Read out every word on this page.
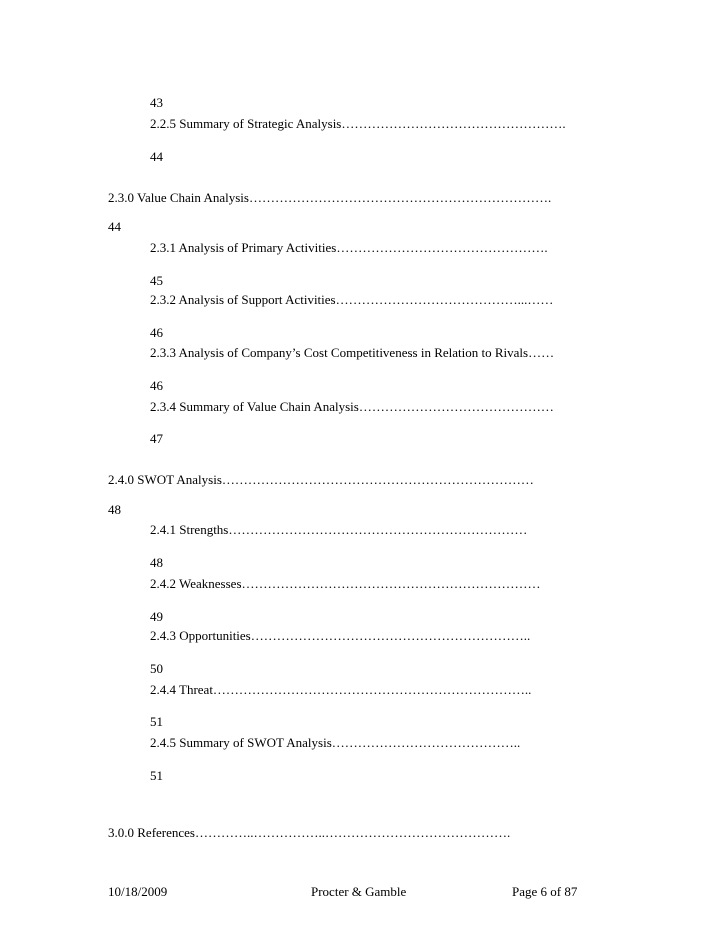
43
2.2.5 Summary of Strategic Analysis…………………………………………….
44
2.3.0 Value Chain Analysis…………………………………………………………….
44
2.3.1 Analysis of Primary Activities………………………………………….
45
2.3.2 Analysis of Support Activities……………………………………...……
46
2.3.3 Analysis of Company’s Cost Competitiveness in Relation to Rivals……
46
2.3.4 Summary of Value Chain Analysis………………………………………
47
2.4.0 SWOT Analysis………………………………………………………………
48
2.4.1 Strengths……………………………………………………………
48
2.4.2 Weaknesses……………………………………………………………
49
2.4.3 Opportunities………………………………………………………..
50
2.4.4 Threat………………………………………………………………..
51
2.4.5 Summary of SWOT Analysis……………………………………..
51
3.0.0 References…………..……………..…………………………………….
10/18/2009	Procter & Gamble	Page 6 of 87
